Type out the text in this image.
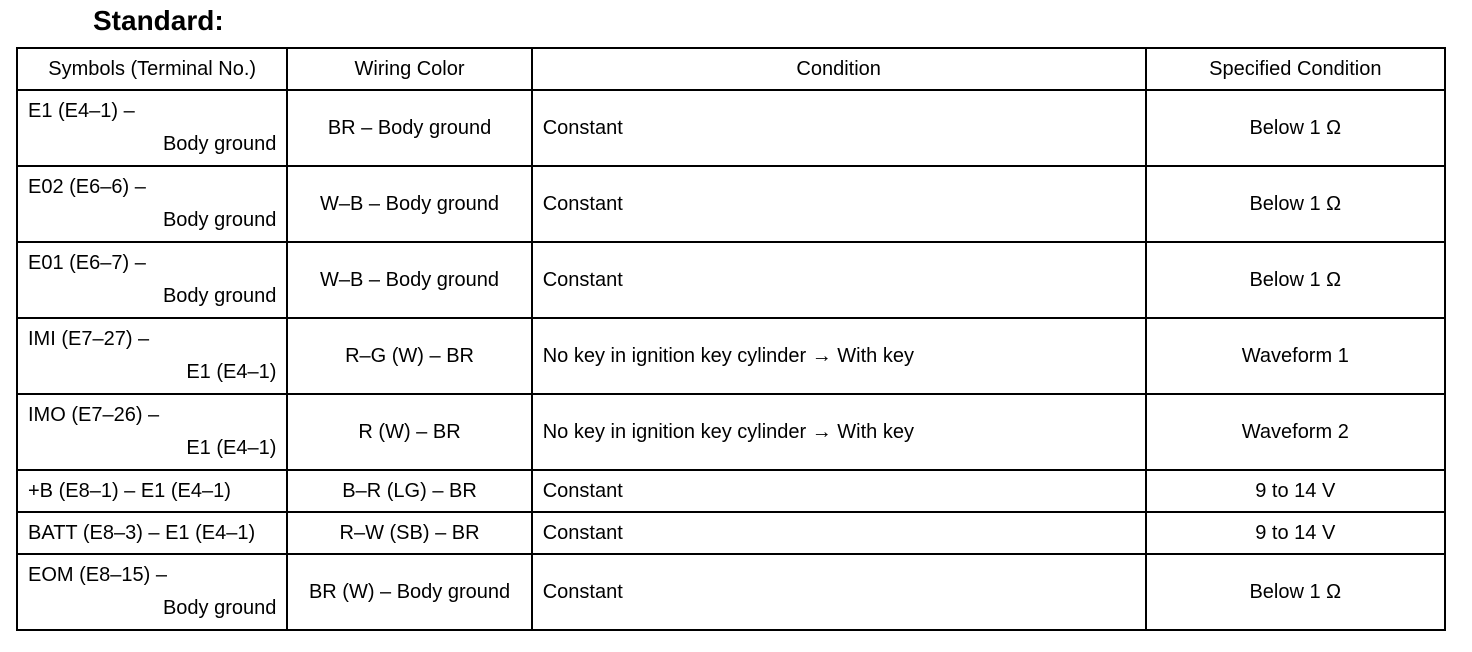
Standard:
Symbols (Terminal No.)	Wiring Color	Condition	Specified Condition

E1 (E4–1) –
Body ground	BR – Body ground	Constant	Below 1 Ω

E02 (E6–6) –
Body ground	W–B – Body ground	Constant	Below 1 Ω

E01 (E6–7) –
Body ground	W–B – Body ground	Constant	Below 1 Ω

IMI (E7–27) –
E1 (E4–1)	R–G (W) – BR	No key in ignition key cylinder → With key	Waveform 1

IMO (E7–26) –
E1 (E4–1)	R (W) – BR	No key in ignition key cylinder → With key	Waveform 2
+B (E8–1) – E1 (E4–1)	B–R (LG) – BR	Constant	9 to 14 V
BATT (E8–3) – E1 (E4–1)	R–W (SB) – BR	Constant	9 to 14 V

EOM (E8–15) –
Body ground	BR (W) – Body ground	Constant	Below 1 Ω
